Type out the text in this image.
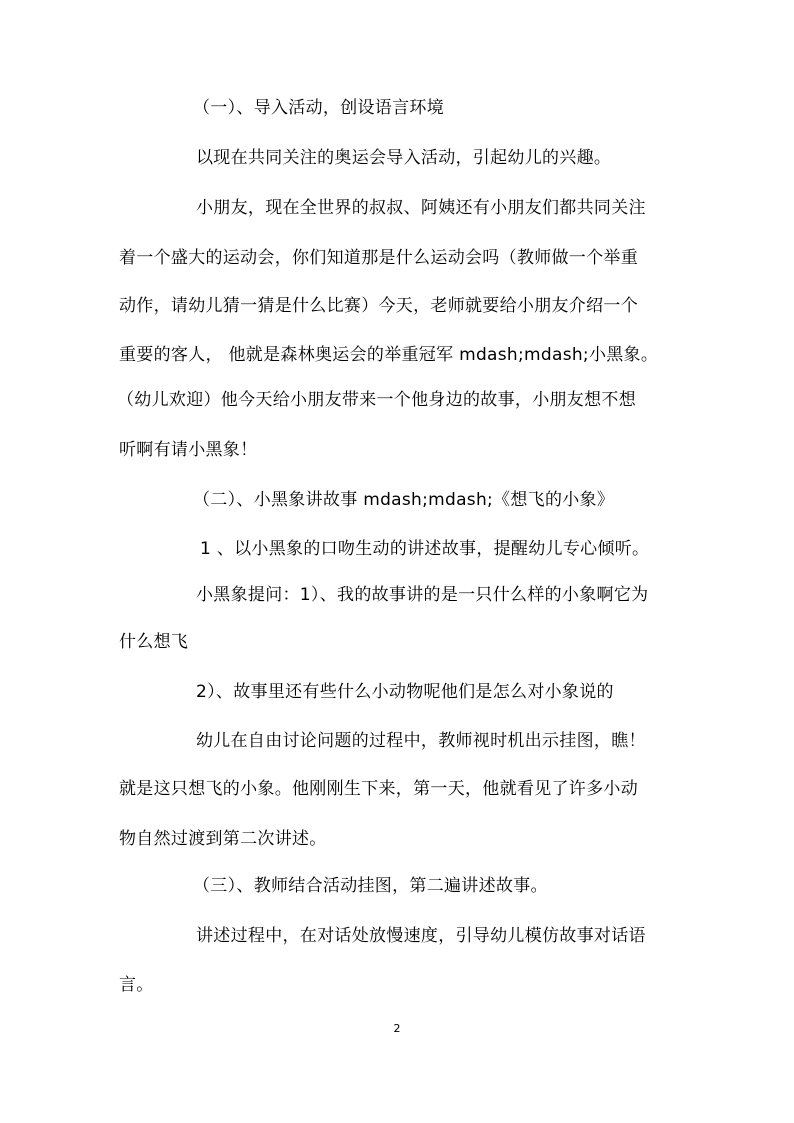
（一）、导入活动，创设语言环境
以现在共同关注的奥运会导入活动，引起幼儿的兴趣。
小朋友，现在全世界的叔叔、阿姨还有小朋友们都共同关注
着一个盛大的运动会，你们知道那是什么运动会吗（教师做一个举重
动作，请幼儿猜一猜是什么比赛）今天，老师就要给小朋友介绍一个
重要的客人， 他就是森林奥运会的举重冠军 mdash;mdash;小黑象。
（幼儿欢迎）他今天给小朋友带来一个他身边的故事，小朋友想不想
听啊有请小黑象！
（二）、小黑象讲故事 mdash;mdash;《想飞的小象》
1 、以小黑象的口吻生动的讲述故事，提醒幼儿专心倾听。
小黑象提问：1）、我的故事讲的是一只什么样的小象啊它为
什么想飞
2）、故事里还有些什么小动物呢他们是怎么对小象说的
幼儿在自由讨论问题的过程中，教师视时机出示挂图，瞧！
就是这只想飞的小象。他刚刚生下来，第一天，他就看见了许多小动
物自然过渡到第二次讲述。
（三）、教师结合活动挂图，第二遍讲述故事。
讲述过程中，在对话处放慢速度，引导幼儿模仿故事对话语
言。
2
